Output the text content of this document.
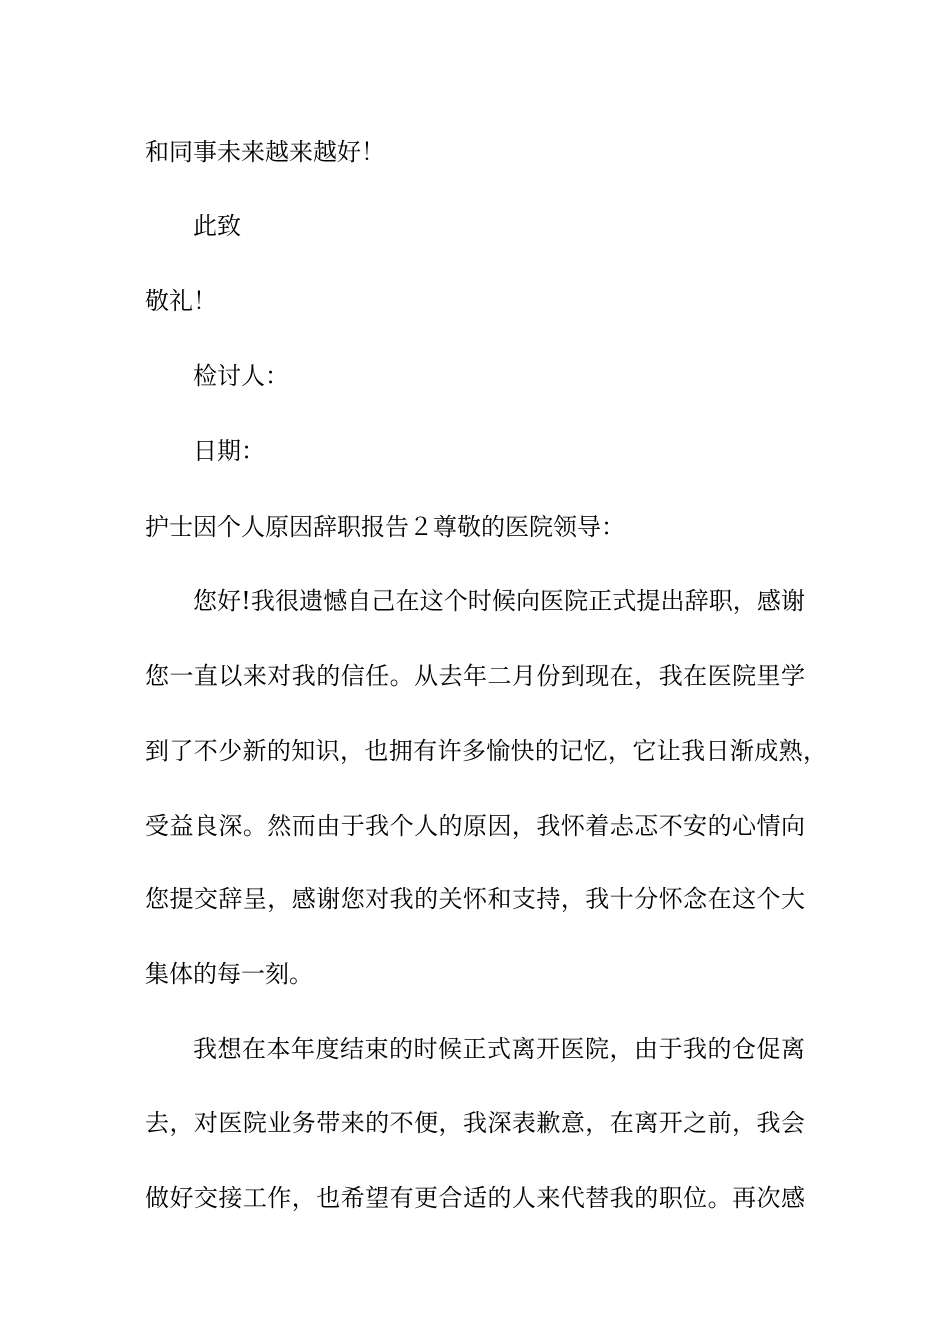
和同事未来越来越好！
此致
敬礼！
检讨人：
日期：
护士因个人原因辞职报告２尊敬的医院领导：
您好!我很遗憾自己在这个时候向医院正式提出辞职，感谢
您一直以来对我的信任。从去年二月份到现在，我在医院里学
到了不少新的知识，也拥有许多愉快的记忆，它让我日渐成熟，
受益良深。然而由于我个人的原因，我怀着忐忑不安的心情向
您提交辞呈，感谢您对我的关怀和支持，我十分怀念在这个大
集体的每一刻。
我想在本年度结束的时候正式离开医院，由于我的仓促离
去，对医院业务带来的不便，我深表歉意，在离开之前，我会
做好交接工作，也希望有更合适的人来代替我的职位。再次感
